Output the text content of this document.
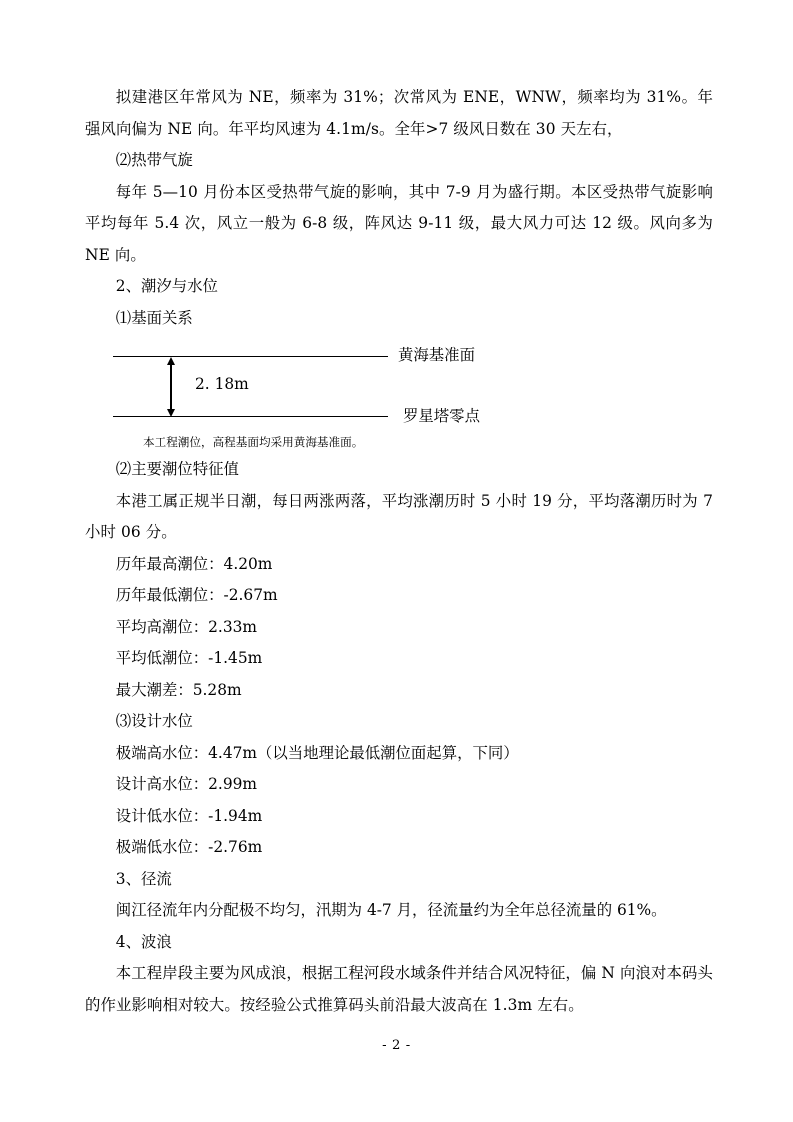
拟建港区年常风为 NE，频率为 31%；次常风为 ENE，WNW，频率均为 31%。年强风向偏为 NE 向。年平均风速为 4.1m/s。全年>7 级风日数在 30 天左右，

⑵热带气旋

每年 5—10 月份本区受热带气旋的影响，其中 7-9 月为盛行期。本区受热带气旋影响平均每年 5.4 次，风立一般为 6-8 级，阵风达 9-11 级，最大风力可达 12 级。风向多为 NE 向。

2、潮汐与水位

⑴基面关系

黄海基准面
2. 18m
罗星塔零点

本工程潮位，高程基面均采用黄海基准面。

⑵主要潮位特征值

本港工属正规半日潮，每日两涨两落，平均涨潮历时 5 小时 19 分，平均落潮历时为 7 小时 06 分。

历年最高潮位：4.20m

历年最低潮位：-2.67m

平均高潮位：2.33m

平均低潮位：-1.45m

最大潮差：5.28m

⑶设计水位

极端高水位：4.47m（以当地理论最低潮位面起算，下同）

设计高水位：2.99m

设计低水位：-1.94m

极端低水位：-2.76m

3、径流

闽江径流年内分配极不均匀，汛期为 4-7 月，径流量约为全年总径流量的 61%。

4、波浪

本工程岸段主要为风成浪，根据工程河段水域条件并结合风况特征，偏 N 向浪对本码头的作业影响相对较大。按经验公式推算码头前沿最大波高在 1.3m 左右。

- 2 -
